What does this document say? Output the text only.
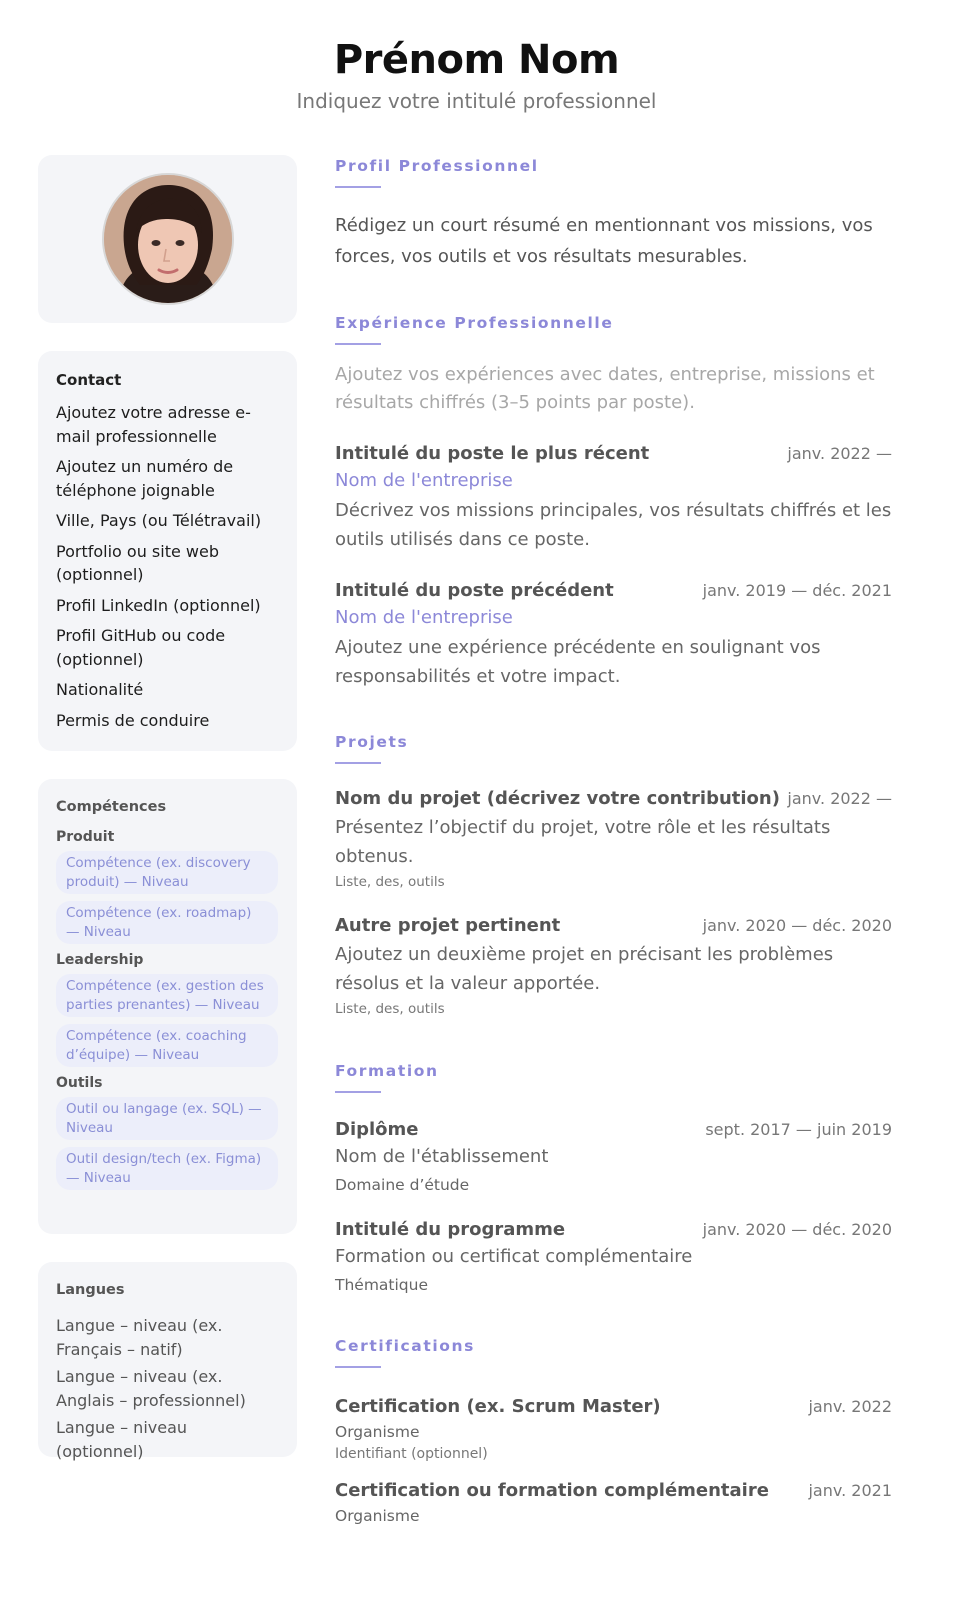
Prénom Nom
Indiquez votre intitulé professionnel
Contact
Ajoutez votre adresse e-mail professionnelle
Ajoutez un numéro de téléphone joignable
Ville, Pays (ou Télétravail)
Portfolio ou site web (optionnel)
Profil LinkedIn (optionnel)
Profil GitHub ou code (optionnel)
Nationalité
Permis de conduire
Compétences
Produit
Compétence (ex. discovery produit) — Niveau
Compétence (ex. roadmap) — Niveau
Leadership
Compétence (ex. gestion des parties prenantes) — Niveau
Compétence (ex. coaching d’équipe) — Niveau
Outils
Outil ou langage (ex. SQL) — Niveau
Outil design/tech (ex. Figma) — Niveau
Langues
Langue – niveau (ex. Français – natif)
Langue – niveau (ex. Anglais – professionnel)
Langue – niveau (optionnel)
Profil Professionnel
Rédigez un court résumé en mentionnant vos missions, vos forces, vos outils et vos résultats mesurables.
Expérience Professionnelle
Ajoutez vos expériences avec dates, entreprise, missions et résultats chiffrés (3–5 points par poste).
Intitulé du poste le plus récent	janv. 2022 —
Nom de l'entreprise
Décrivez vos missions principales, vos résultats chiffrés et les outils utilisés dans ce poste.
Intitulé du poste précédent	janv. 2019 — déc. 2021
Nom de l'entreprise
Ajoutez une expérience précédente en soulignant vos responsabilités et votre impact.
Projets
Nom du projet (décrivez votre contribution) janv. 2022 —
Présentez l’objectif du projet, votre rôle et les résultats obtenus.
Liste, des, outils
Autre projet pertinent	janv. 2020 — déc. 2020
Ajoutez un deuxième projet en précisant les problèmes résolus et la valeur apportée.
Liste, des, outils
Formation
Diplôme	sept. 2017 — juin 2019
Nom de l'établissement
Domaine d’étude
Intitulé du programme	janv. 2020 — déc. 2020
Formation ou certificat complémentaire
Thématique
Certifications
Certification (ex. Scrum Master)	janv. 2022
Organisme
Identifiant (optionnel)
Certification ou formation complémentaire janv. 2021
Organisme
